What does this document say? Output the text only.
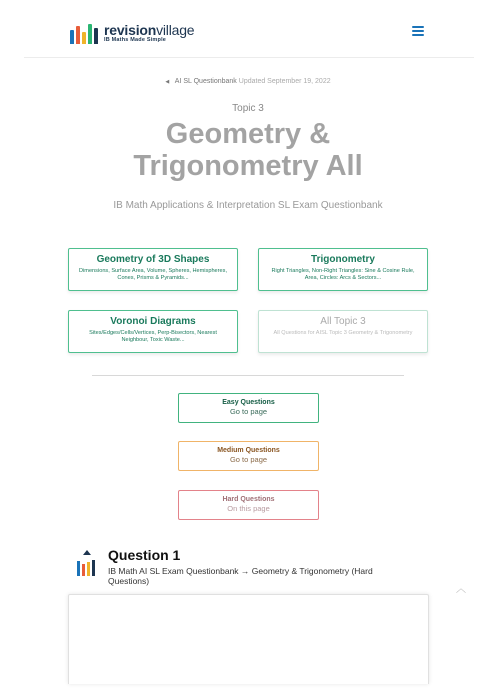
revisionvillage
IB Maths Made Simple
◀ AI SL Questionbank Updated September 19, 2022
Topic 3
Geometry &
Trigonometry All
IB Math Applications & Interpretation SL Exam Questionbank
Geometry of 3D Shapes
Dimensions, Surface Area, Volume, Spheres, Hemispheres, Cones, Prisms & Pyramids...
Trigonometry
Right Triangles, Non-Right Triangles: Sine & Cosine Rule, Area, Circles: Arcs & Sectors...
Voronoi Diagrams
Sites/Edges/Cells/Vertices, Perp-Bisectors, Nearest Neighbour, Toxic Waste...
All Topic 3
All Questions for AISL Topic 3 Geometry & Trigonometry
Easy Questions
Go to page
Medium Questions
Go to page
Hard Questions
On this page
Question 1
IB Math AI SL Exam Questionbank → Geometry & Trigonometry (Hard Questions)
︿
